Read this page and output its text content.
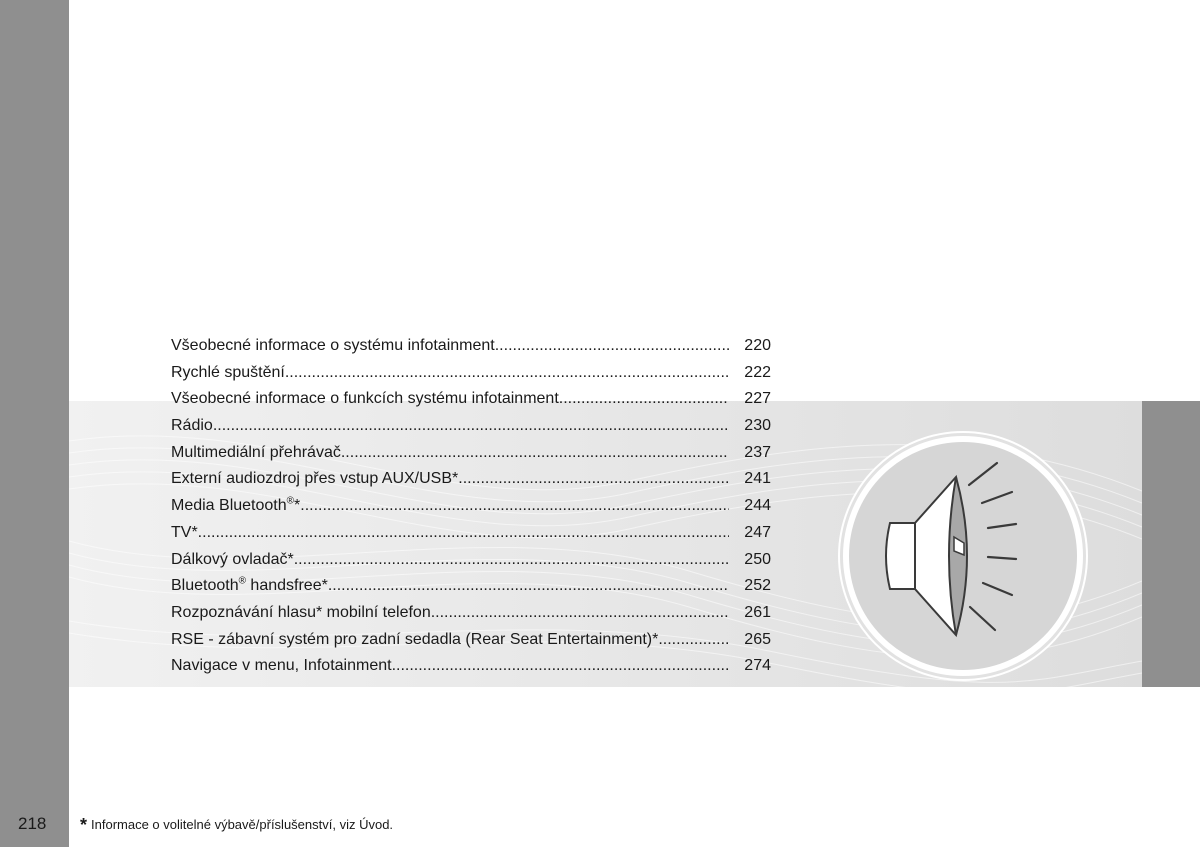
Všeobecné informace o systému infotainment .....	220
Rychlé spuštění .....	222
Všeobecné informace o funkcích systému infotainment .....	227
Rádio .....	230
Multimediální přehrávač .....	237
Externí audiozdroj přes vstup AUX/USB* .....	241
Media Bluetooth®* .....	244
TV* .....	247
Dálkový ovladač* .....	250
Bluetooth® handsfree* .....	252
Rozpoznávání hlasu* mobilní telefon .....	261
RSE - zábavní systém pro zadní sedadla (Rear Seat Entertainment)* .....	265
Navigace v menu, Infotainment .....	274
218 * Informace o volitelné výbavě/příslušenství, viz Úvod.
